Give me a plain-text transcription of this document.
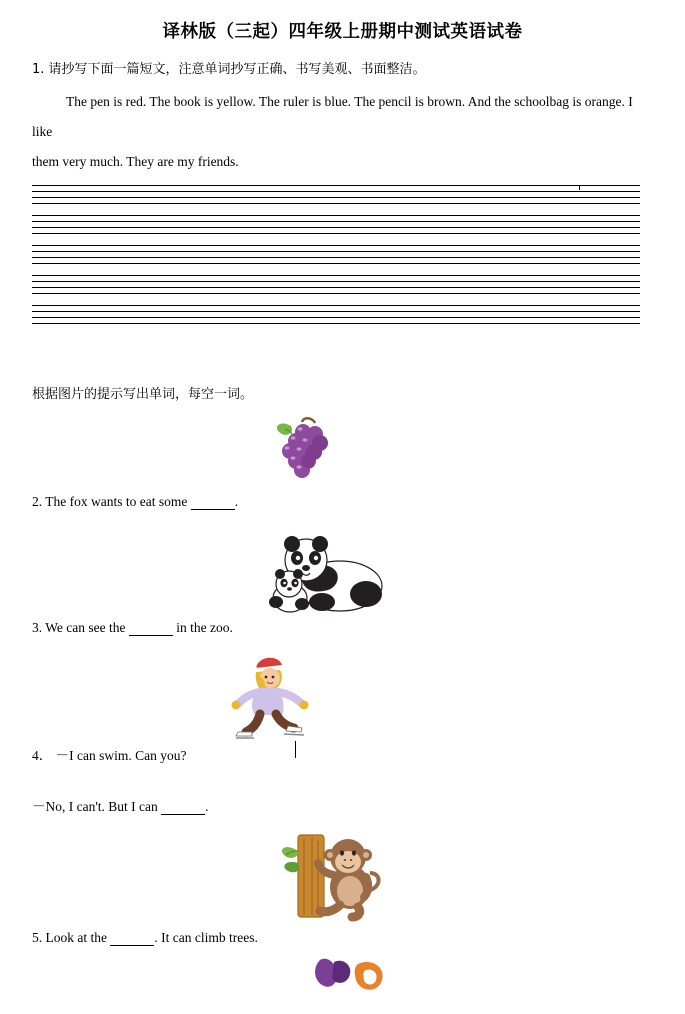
译林版（三起）四年级上册期中测试英语试卷
1. 请抄写下面一篇短文，注意单词抄写正确、书写美观、书面整洁。
The pen is red. The book is yellow. The ruler is blue. The pencil is brown. And the schoolbag is orange. I like
them very much. They are my friends.
根据图片的提示写出单词，每空一词。
2. The fox wants to eat some	.
3. We can see the	in the zoo.
4． －I can swim. Can you?
－No, I can't. But I can	.
5. Look at the	. It can climb trees.
